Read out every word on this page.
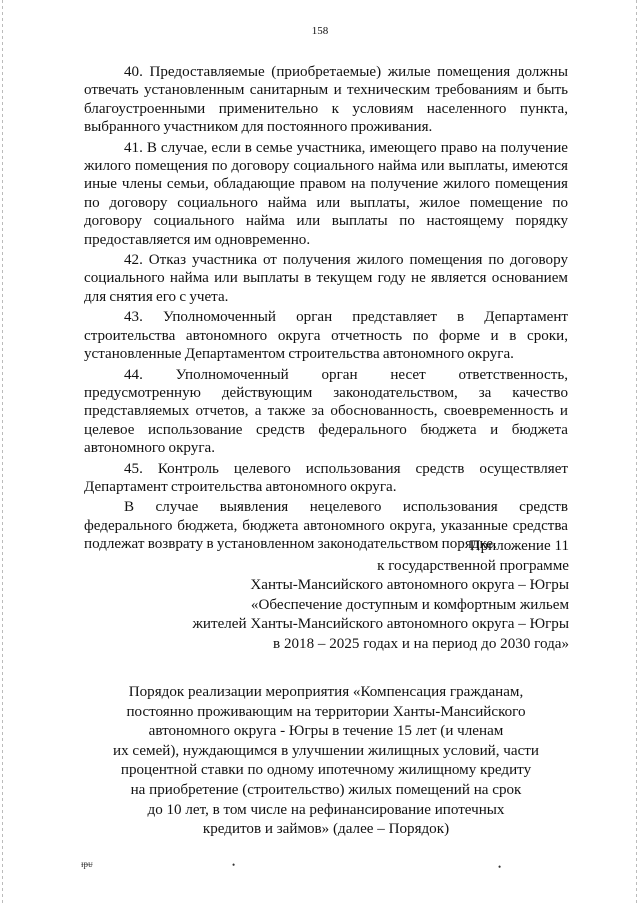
158

40. Предоставляемые (приобретаемые) жилые помещения должны отвечать установленным санитарным и техническим требованиям и быть благоустроенными применительно к условиям населенного пункта, выбранного участником для постоянного проживания.

41. В случае, если в семье участника, имеющего право на получение жилого помещения по договору социального найма или выплаты, имеются иные члены семьи, обладающие правом на получение жилого помещения по договору социального найма или выплаты, жилое помещение по договору социального найма или выплаты по настоящему порядку предоставляется им одновременно.

42. Отказ участника от получения жилого помещения по договору социального найма или выплаты в текущем году не является основанием для снятия его с учета.

43. Уполномоченный орган представляет в Департамент строительства автономного округа отчетность по форме и в сроки, установленные Департаментом строительства автономного округа.

44. Уполномоченный орган несет ответственность, предусмотренную действующим законодательством, за качество представляемых отчетов, а также за обоснованность, своевременность и целевое использование средств федерального бюджета и бюджета автономного округа.

45. Контроль целевого использования средств осуществляет Департамент строительства автономного округа.

В случае выявления нецелевого использования средств федерального бюджета, бюджета автономного округа, указанные средства подлежат возврату в установленном законодательством порядке.

Приложение 11
к государственной программе
Ханты-Мансийского автономного округа – Югры
«Обеспечение доступным и комфортным жильем
жителей Ханты-Мансийского автономного округа – Югры
в 2018 – 2025 годах и на период до 2030 года»
Порядок реализации мероприятия «Компенсация гражданам,
постоянно проживающим на территории Ханты-Мансийского
автономного округа - Югры в течение 15 лет (и членам
их семей), нуждающимся в улучшении жилищных условий, части
процентной ставки по одному ипотечному жилищному кредиту
на приобретение (строительство) жилых помещений на срок
до 10 лет, в том числе на рефинансирование ипотечных
кредитов и займов» (далее – Порядок)
ᵻᵽᵾ	•	•
